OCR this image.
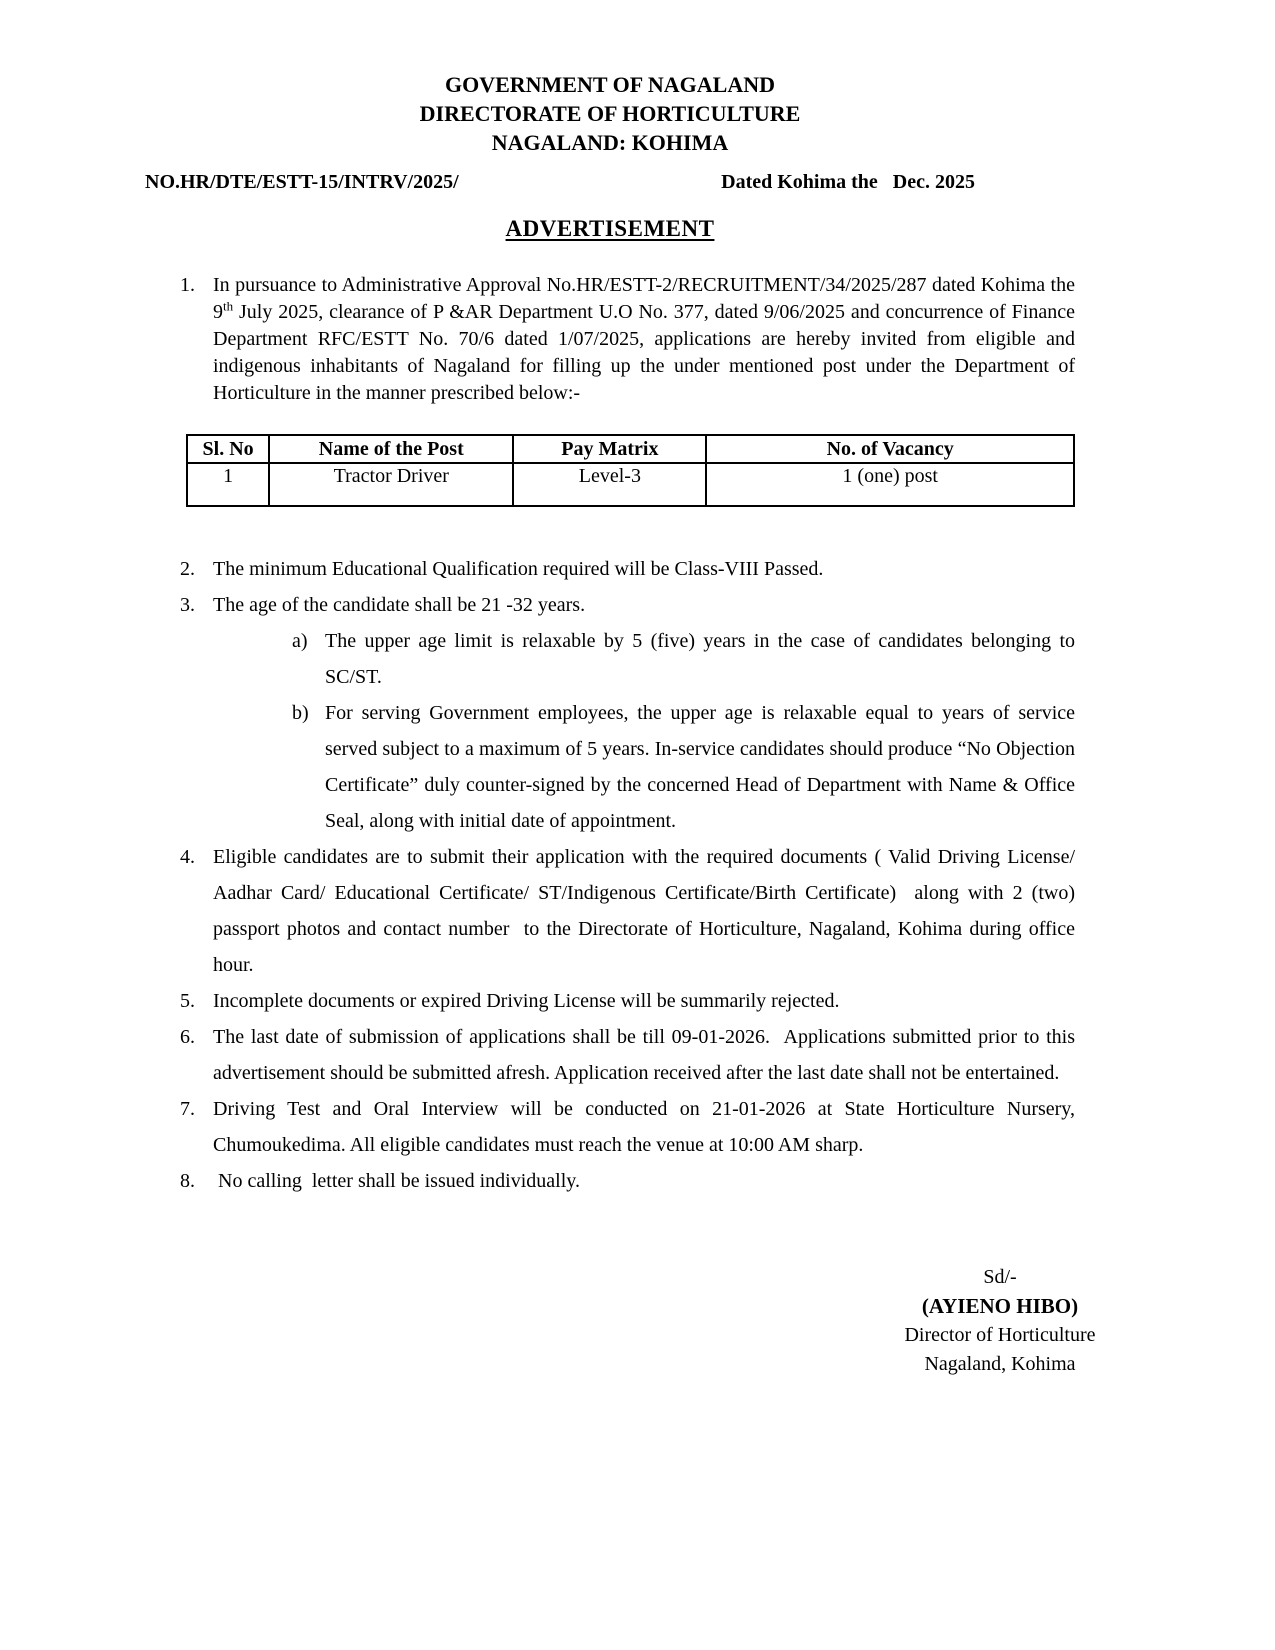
GOVERNMENT OF NAGALAND
DIRECTORATE OF HORTICULTURE
NAGALAND: KOHIMA
NO.HR/DTE/ESTT-15/INTRV/2025/	Dated Kohima the   Dec. 2025
ADVERTISEMENT
1. In pursuance to Administrative Approval No.HR/ESTT-2/RECRUITMENT/34/2025/287 dated Kohima the 9th July 2025, clearance of P &AR Department U.O No. 377, dated 9/06/2025 and concurrence of Finance Department RFC/ESTT No. 70/6 dated 1/07/2025, applications are hereby invited from eligible and indigenous inhabitants of Nagaland for filling up the under mentioned post under the Department of Horticulture in the manner prescribed below:-
Sl. No	Name of the Post	Pay Matrix	No. of Vacancy
1	Tractor Driver	Level-3	1 (one) post
2. The minimum Educational Qualification required will be Class-VIII Passed.
3. The age of the candidate shall be 21 -32 years.
a) The upper age limit is relaxable by 5 (five) years in the case of candidates belonging to SC/ST.
b) For serving Government employees, the upper age is relaxable equal to years of service served subject to a maximum of 5 years. In-service candidates should produce “No Objection Certificate” duly counter-signed by the concerned Head of Department with Name & Office Seal, along with initial date of appointment.
4. Eligible candidates are to submit their application with the required documents ( Valid Driving License/ Aadhar Card/ Educational Certificate/ ST/Indigenous Certificate/Birth Certificate)  along with 2 (two) passport photos and contact number  to the Directorate of Horticulture, Nagaland, Kohima during office hour.
5. Incomplete documents or expired Driving License will be summarily rejected.
6. The last date of submission of applications shall be till 09-01-2026.  Applications submitted prior to this advertisement should be submitted afresh. Application received after the last date shall not be entertained.
7. Driving Test and Oral Interview will be conducted on 21-01-2026 at State Horticulture Nursery, Chumoukedima. All eligible candidates must reach the venue at 10:00 AM sharp.
8. No calling  letter shall be issued individually.
Sd/-
(AYIENO HIBO)
Director of Horticulture
Nagaland, Kohima
